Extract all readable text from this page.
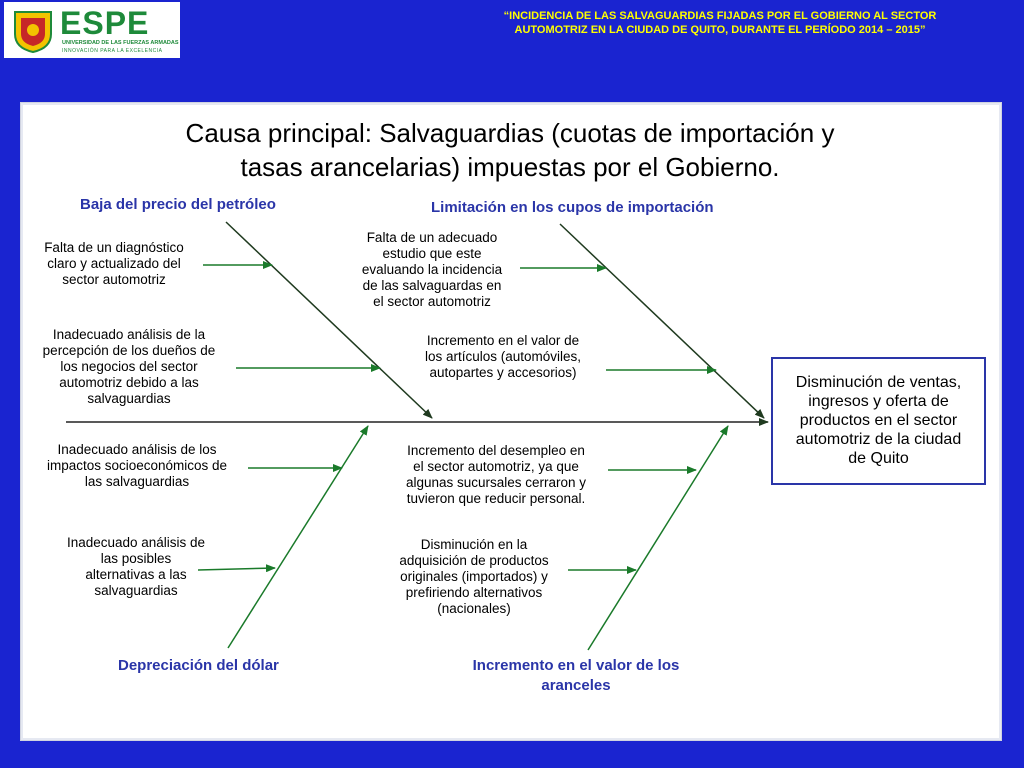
ESPE
UNIVERSIDAD DE LAS FUERZAS ARMADAS
INNOVACIÓN PARA LA EXCELENCIA
“INCIDENCIA DE LAS SALVAGUARDIAS FIJADAS POR EL GOBIERNO AL SECTOR
AUTOMOTRIZ EN LA CIUDAD DE QUITO, DURANTE EL PERÍODO 2014 – 2015”
Causa principal: Salvaguardias (cuotas de importación y
tasas arancelarias) impuestas por el Gobierno.
Baja del precio del petróleo	Limitación en los cupos de importación
Depreciación del dólar	Incremento en el valor de los
aranceles
Falta de un diagnóstico
claro y actualizado del
sector automotriz
Inadecuado análisis de la
percepción de los dueños de
los negocios del sector
automotriz debido a las
salvaguardias
Falta de un adecuado
estudio que este
evaluando la incidencia
de las salvaguardas en
el sector automotriz
Incremento en el valor de
los artículos (automóviles,
autopartes y accesorios)
Inadecuado análisis de los
impactos socioeconómicos de
las salvaguardias
Inadecuado análisis de
las posibles
alternativas a las
salvaguardias
Incremento del desempleo en
el sector automotriz, ya que
algunas sucursales cerraron y
tuvieron que reducir personal.
Disminución en la
adquisición de productos
originales (importados) y
prefiriendo alternativos
(nacionales)
Disminución de ventas,
ingresos y oferta de
productos en el sector
automotriz de la ciudad
de Quito
